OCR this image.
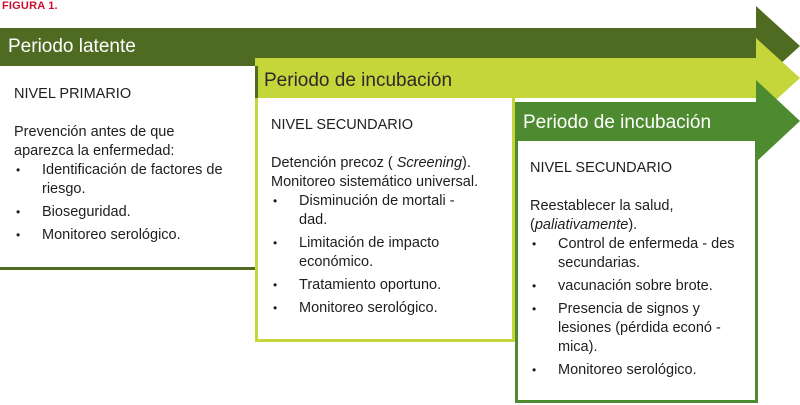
FIGURA 1.
Periodo latente
Periodo de incubación
Periodo de incubación
NIVEL PRIMARIO
Prevención antes de que
aparezca la enfermedad:
• Identificación de factores de riesgo.
• Bioseguridad.
• Monitoreo serológico.
NIVEL SECUNDARIO
Detención precoz ( Screening).
Monitoreo sistemático universal.
• Disminución de mortali - dad.
• Limitación de impacto económico.
• Tratamiento oportuno.
• Monitoreo serológico.
NIVEL SECUNDARIO
Reestablecer la salud,
(paliativamente).
• Control de enfermeda - des secundarias.
• vacunación sobre brote.
• Presencia de signos y lesiones (pérdida econó - mica).
• Monitoreo serológico.
